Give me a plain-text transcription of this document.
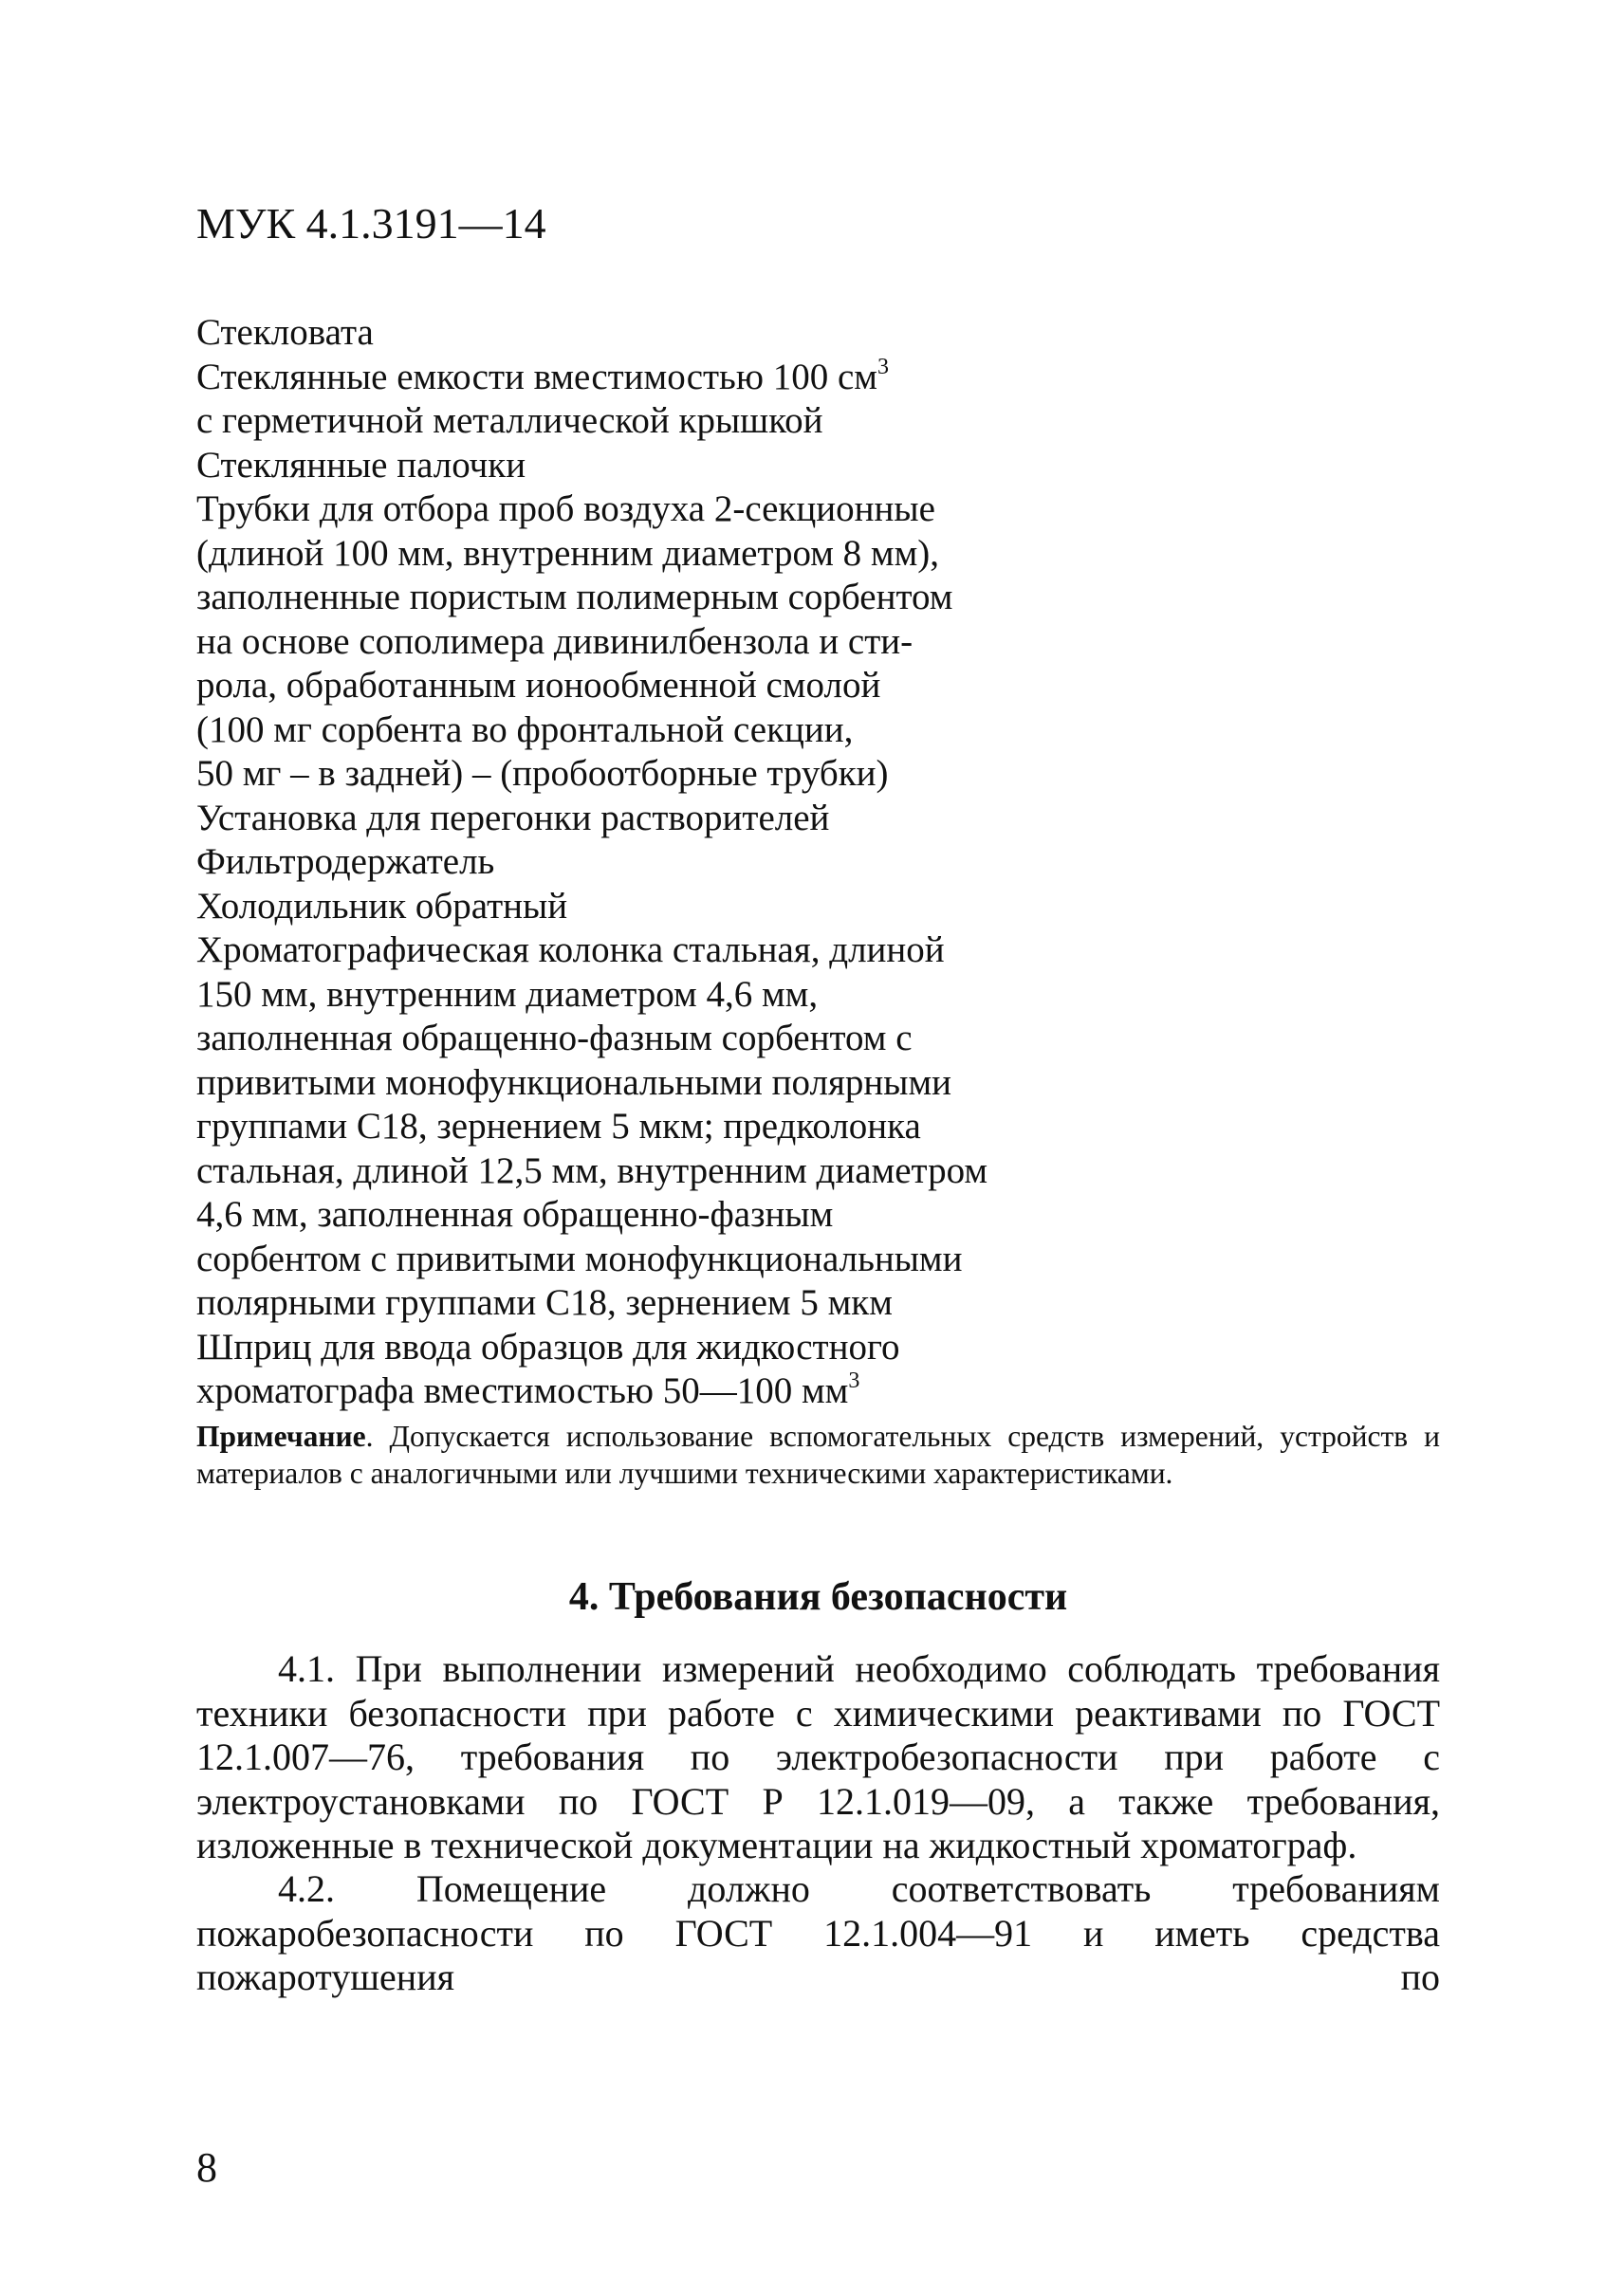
МУК 4.1.3191—14
Стекловата
Стеклянные емкости вместимостью 100 $см^3$
с герметичной металлической крышкой
Стеклянные палочки
Трубки для отбора проб воздуха 2-секционные
(длиной 100 мм, внутренним диаметром 8 мм),
заполненные пористым полимерным сорбентом
на основе сополимера дивинилбензола и сти-
рола, обработанным ионообменной смолой
(100 мг сорбента во фронтальной секции,
50 мг – в задней) – (пробоотборные трубки)
Установка для перегонки растворителей
Фильтродержатель
Холодильник обратный
Хроматографическая колонка стальная, длиной
150 мм, внутренним диаметром 4,6 мм,
заполненная обращенно-фазным сорбентом с
привитыми монофункциональными полярными
группами С18, зернением 5 мкм; предколонка
стальная, длиной 12,5 мм, внутренним диаметром
4,6 мм, заполненная обращенно-фазным
сорбентом с привитыми монофункциональными
полярными группами С18, зернением 5 мкм
Шприц для ввода образцов для жидкостного
хроматографа вместимостью 50—100 $мм^3$
Примечание. Допускается использование вспомогательных средств измерений, устройств и материалов с аналогичными или лучшими техническими характеристиками.
4. Требования безопасности
4.1. При выполнении измерений необходимо соблюдать требования техники безопасности при работе с химическими реактивами по ГОСТ 12.1.007—76, требования по электробезопасности при работе с электроустановками по ГОСТ Р 12.1.019—09, а также требования, изложенные в технической документации на жидкостный хроматограф.
4.2. Помещение должно соответствовать требованиям пожаробезопасности по ГОСТ 12.1.004—91 и иметь средства пожаротушения по
8
